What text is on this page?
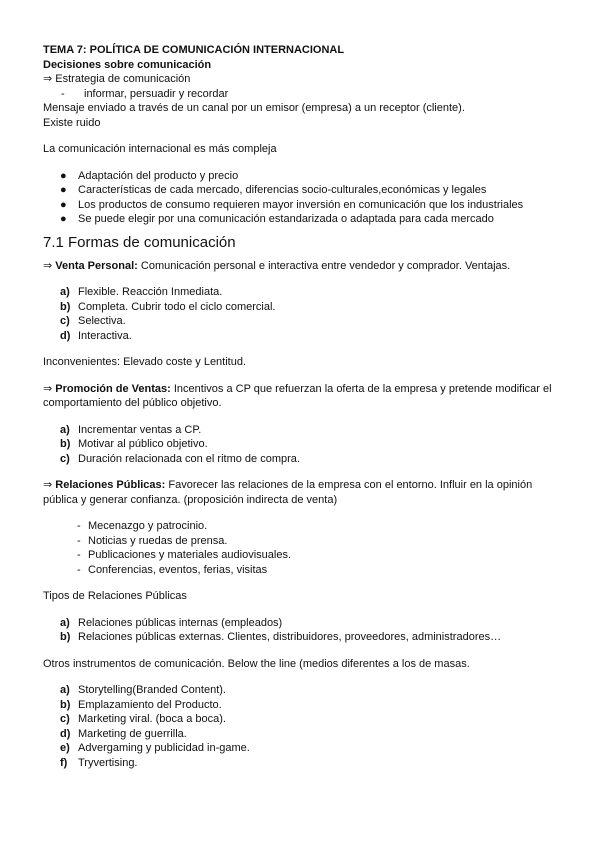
TEMA 7: POLÍTICA DE COMUNICACIÓN INTERNACIONAL
Decisiones sobre comunicación
⇒ Estrategia de comunicación
- informar, persuadir y recordar
Mensaje enviado a través de un canal por un emisor (empresa) a un receptor (cliente).
Existe ruido
La comunicación internacional es más compleja
● Adaptación del producto y precio
● Características de cada mercado, diferencias socio-culturales,económicas y legales
● Los productos de consumo requieren mayor inversión en comunicación que los industriales
● Se puede elegir por una comunicación estandarizada o adaptada para cada mercado
7.1 Formas de comunicación
⇒ Venta Personal: Comunicación personal e interactiva entre vendedor y comprador. Ventajas.
a) Flexible. Reacción Inmediata.
b) Completa. Cubrir todo el ciclo comercial.
c) Selectiva.
d) Interactiva.
Inconvenientes: Elevado coste y Lentitud.
⇒ Promoción de Ventas: Incentivos a CP que refuerzan la oferta de la empresa y pretende modificar el comportamiento del público objetivo.
a) Incrementar ventas a CP.
b) Motivar al público objetivo.
c) Duración relacionada con el ritmo de compra.
⇒ Relaciones Públicas: Favorecer las relaciones de la empresa con el entorno. Influir en la opinión pública y generar confianza. (proposición indirecta de venta)
- Mecenazgo y patrocinio.
- Noticias y ruedas de prensa.
- Publicaciones y materiales audiovisuales.
- Conferencias, eventos, ferias, visitas
Tipos de Relaciones Públicas
a) Relaciones públicas internas (empleados)
b) Relaciones públicas externas. Clientes, distribuidores, proveedores, administradores…
Otros instrumentos de comunicación. Below the line (medios diferentes a los de masas.
a) Storytelling(Branded Content).
b) Emplazamiento del Producto.
c) Marketing viral. (boca a boca).
d) Marketing de guerrilla.
e) Advergaming y publicidad in-game.
f) Tryvertising.
